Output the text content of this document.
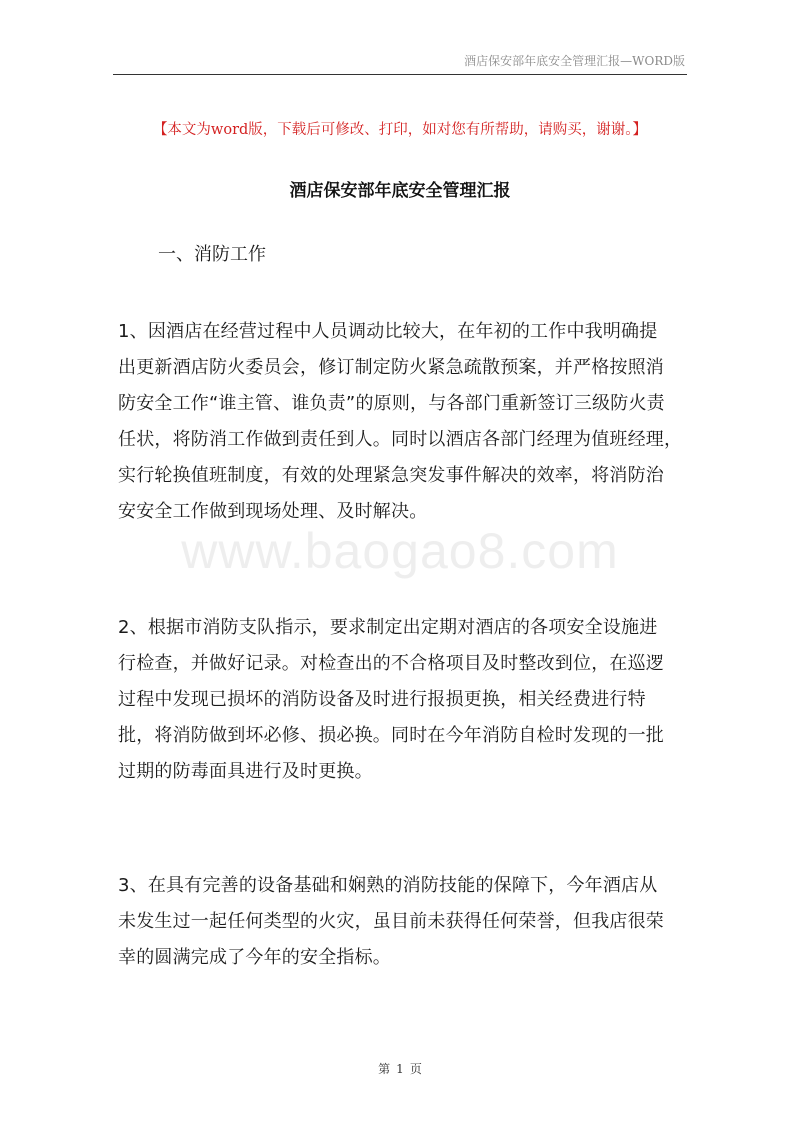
酒店保安部年底安全管理汇报—WORD版
【本文为word版，下载后可修改、打印，如对您有所帮助，请购买，谢谢。】
酒店保安部年底安全管理汇报
一、消防工作
www.baogao8.com
1、因酒店在经营过程中人员调动比较大，在年初的工作中我明确提
出更新酒店防火委员会，修订制定防火紧急疏散预案，并严格按照消
防安全工作“谁主管、谁负责”的原则，与各部门重新签订三级防火责
任状，将防消工作做到责任到人。同时以酒店各部门经理为值班经理，
实行轮换值班制度，有效的处理紧急突发事件解决的效率，将消防治
安安全工作做到现场处理、及时解决。
2、根据市消防支队指示，要求制定出定期对酒店的各项安全设施进
行检查，并做好记录。对检查出的不合格项目及时整改到位，在巡逻
过程中发现已损坏的消防设备及时进行报损更换，相关经费进行特
批，将消防做到坏必修、损必换。同时在今年消防自检时发现的一批
过期的防毒面具进行及时更换。
3、在具有完善的设备基础和娴熟的消防技能的保障下，今年酒店从
未发生过一起任何类型的火灾，虽目前未获得任何荣誉，但我店很荣
幸的圆满完成了今年的安全指标。
第 1 页
